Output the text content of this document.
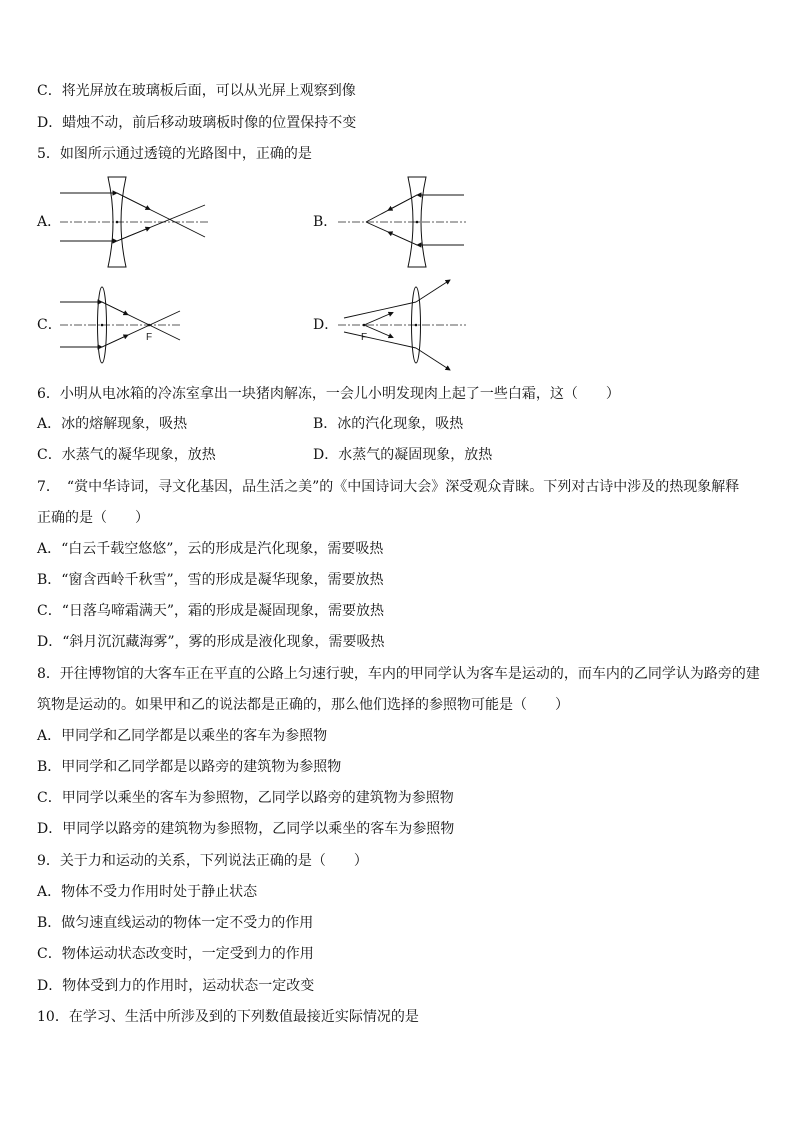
C．将光屏放在玻璃板后面，可以从光屏上观察到像
D．蜡烛不动，前后移动玻璃板时像的位置保持不变
5．如图所示通过透镜的光路图中，正确的是
A．	B．
C．
F
D．
F
6．小明从电冰箱的冷冻室拿出一块猪肉解冻，一会儿小明发现肉上起了一些白霜，这（　　）
A．冰的熔解现象，吸热	B．冰的汽化现象，吸热
C．水蒸气的凝华现象，放热	D．水蒸气的凝固现象，放热
7．　“赏中华诗词，寻文化基因，品生活之美”的《中国诗词大会》深受观众青睐。下列对古诗中涉及的热现象解释
正确的是（　　）
A．“白云千载空悠悠”，云的形成是汽化现象，需要吸热
B．“窗含西岭千秋雪”，雪的形成是凝华现象，需要放热
C．“日落乌啼霜满天”，霜的形成是凝固现象，需要放热
D．“斜月沉沉藏海雾”，雾的形成是液化现象，需要吸热
8．开往博物馆的大客车正在平直的公路上匀速行驶，车内的甲同学认为客车是运动的，而车内的乙同学认为路旁的建
筑物是运动的。如果甲和乙的说法都是正确的，那么他们选择的参照物可能是（　　）
A．甲同学和乙同学都是以乘坐的客车为参照物
B．甲同学和乙同学都是以路旁的建筑物为参照物
C．甲同学以乘坐的客车为参照物，乙同学以路旁的建筑物为参照物
D．甲同学以路旁的建筑物为参照物，乙同学以乘坐的客车为参照物
9．关于力和运动的关系，下列说法正确的是（　　）
A．物体不受力作用时处于静止状态
B．做匀速直线运动的物体一定不受力的作用
C．物体运动状态改变时，一定受到力的作用
D．物体受到力的作用时，运动状态一定改变
10．在学习、生活中所涉及到的下列数值最接近实际情况的是
